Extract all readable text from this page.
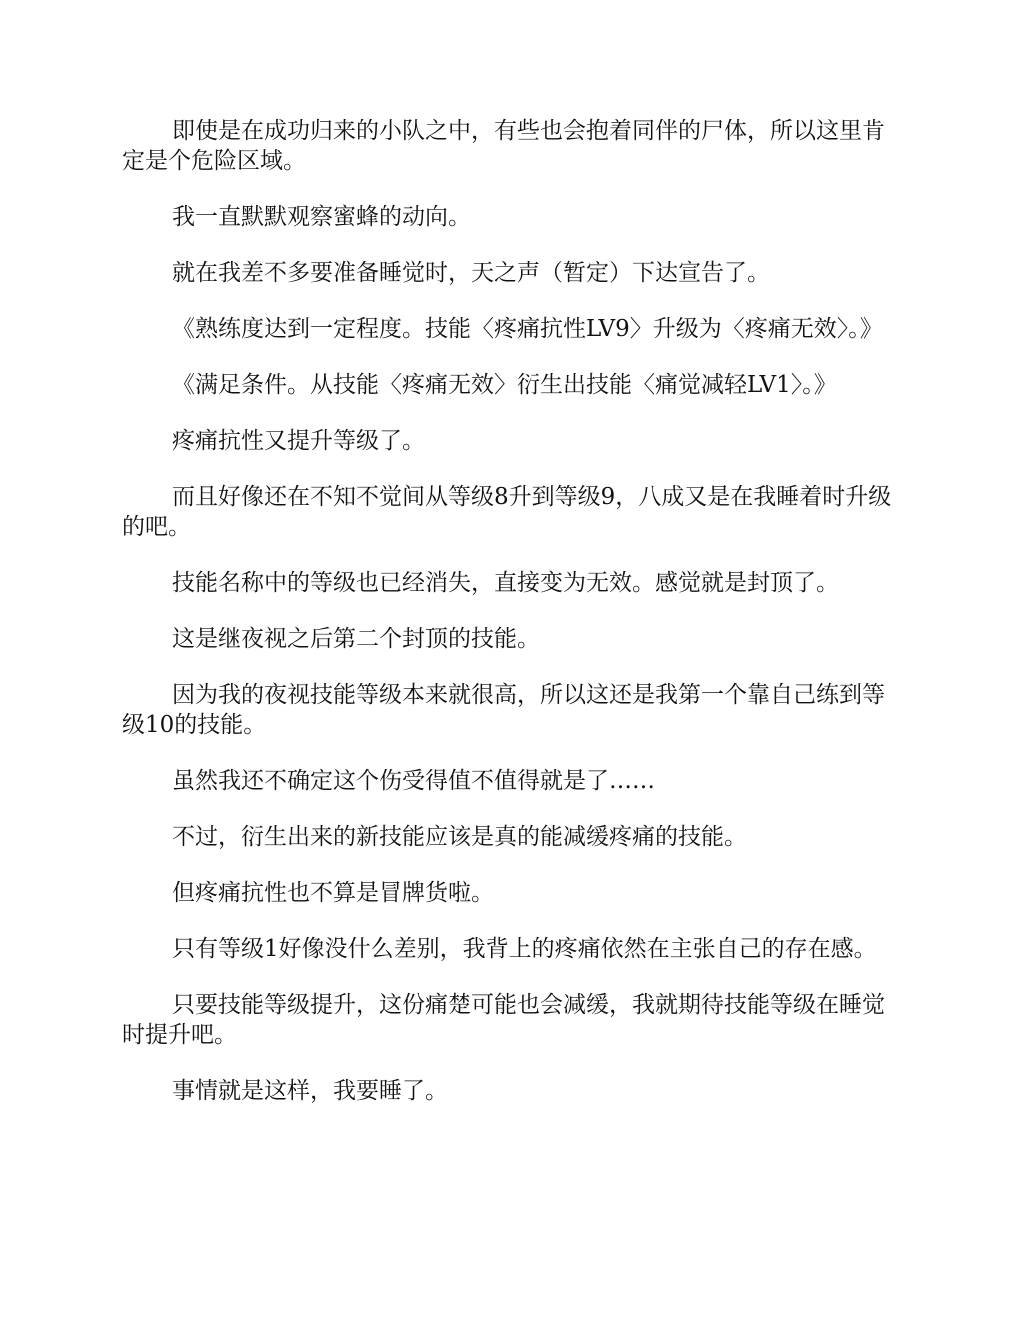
即使是在成功归来的小队之中，有些也会抱着同伴的尸体，所以这里肯定是个危险区域。

我一直默默观察蜜蜂的动向。

就在我差不多要准备睡觉时，天之声（暂定）下达宣告了。

《熟练度达到一定程度。技能〈疼痛抗性LV9〉升级为〈疼痛无效〉。》

《满足条件。从技能〈疼痛无效〉衍生出技能〈痛觉减轻LV1〉。》

疼痛抗性又提升等级了。

而且好像还在不知不觉间从等级8升到等级9，八成又是在我睡着时升级的吧。

技能名称中的等级也已经消失，直接变为无效。感觉就是封顶了。

这是继夜视之后第二个封顶的技能。

因为我的夜视技能等级本来就很高，所以这还是我第一个靠自己练到等级10的技能。

虽然我还不确定这个伤受得值不值得就是了……

不过，衍生出来的新技能应该是真的能减缓疼痛的技能。

但疼痛抗性也不算是冒牌货啦。

只有等级1好像没什么差别，我背上的疼痛依然在主张自己的存在感。

只要技能等级提升，这份痛楚可能也会减缓，我就期待技能等级在睡觉时提升吧。

事情就是这样，我要睡了。
